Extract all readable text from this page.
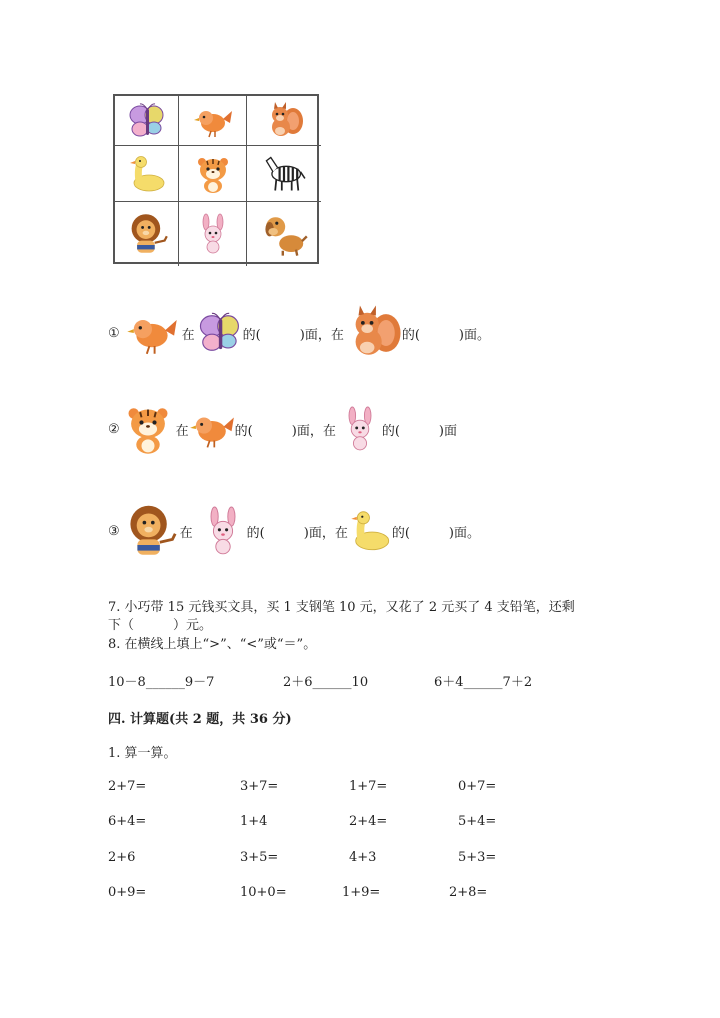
①	在	的(　　　)面，在	的(　　　)面。
②	在	的(　　　)面，在	的(　　　)面
③	在	的(　　　)面，在	的(　　　)面。
7. 小巧带 15 元钱买文具，买 1 支钢笔 10 元，又花了 2 元买了 4 支铅笔，还剩
下（　　　）元。
8. 在横线上填上“>”、“<”或“＝”。
10－8______9－7	2＋6______10	6＋4______7＋2
四. 计算题(共 2 题，共 36 分)
1. 算一算。
2+7=	3+7=	1+7=	0+7=
6+4=	1+4	2+4=	5+4=
2+6	3+5=	4+3	5+3=
0+9=	10+0=	1+9=	2+8=
